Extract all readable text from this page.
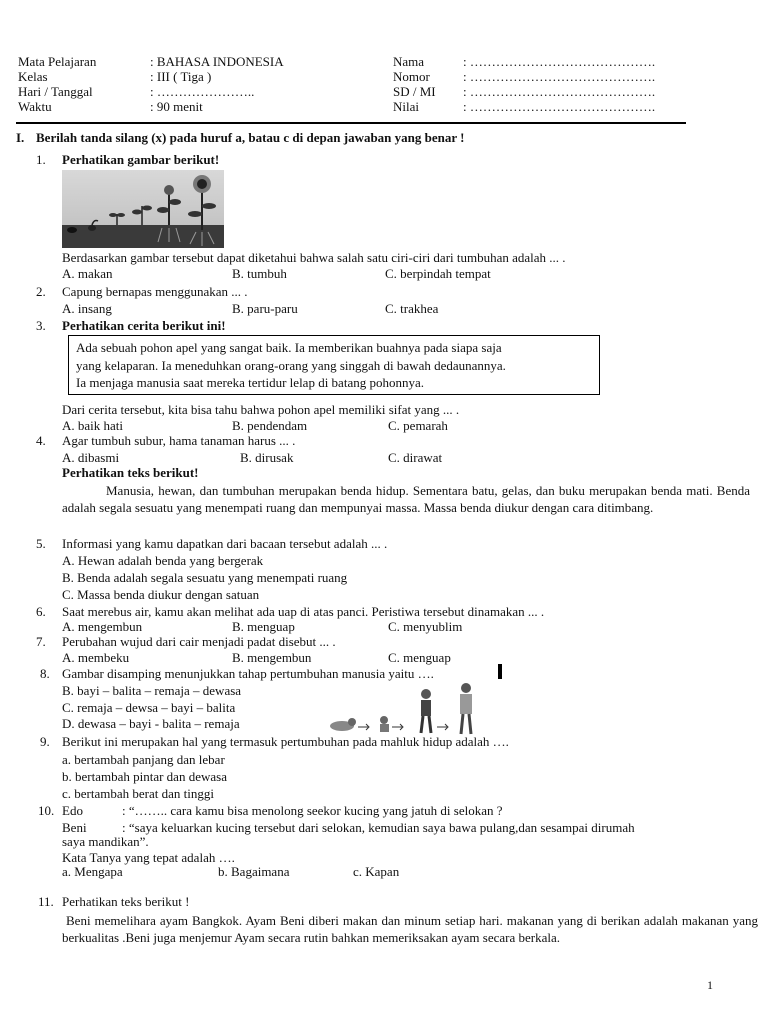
Mata Pelajaran	: BAHASA INDONESIA
Kelas	: III ( Tiga )
Hari / Tanggal	: …………………..
Waktu	: 90 menit
Nama	: …………………………………….
Nomor	: …………………………………….
SD / MI : …………………………………….
Nilai	: …………………………………….
I. Berilah tanda silang (x) pada huruf a, batau c di depan jawaban yang benar !
1. Perhatikan gambar berikut!
Berdasarkan gambar tersebut dapat diketahui bahwa salah satu ciri-ciri dari tumbuhan adalah ... .
A. makan	B. tumbuh	C. berpindah tempat
2. Capung bernapas menggunakan ... .
A. insang	B. paru-paru	C. trakhea
3. Perhatikan cerita berikut ini!
Ada sebuah pohon apel yang sangat baik. Ia memberikan buahnya pada siapa saja
yang kelaparan. Ia meneduhkan orang-orang yang singgah di bawah dedaunannya.
Ia menjaga manusia saat mereka tertidur lelap di batang pohonnya.
Dari cerita tersebut, kita bisa tahu bahwa pohon apel memiliki sifat yang ... .
A. baik hati	B. pendendam	C. pemarah
4. Agar tumbuh subur, hama tanaman harus ... .
A. dibasmi	B. dirusak	C. dirawat
Perhatikan teks berikut!
Manusia, hewan, dan tumbuhan merupakan benda hidup. Sementara batu, gelas, dan buku merupakan benda mati. Benda adalah segala sesuatu yang menempati ruang dan mempunyai massa. Massa benda diukur dengan cara ditimbang.
5. Informasi yang kamu dapatkan dari bacaan tersebut adalah ... .
A. Hewan adalah benda yang bergerak
B. Benda adalah segala sesuatu yang menempati ruang
C. Massa benda diukur dengan satuan
6. Saat merebus air, kamu akan melihat ada uap di atas panci. Peristiwa tersebut dinamakan ... .
A. mengembun	B. menguap	C. menyublim
7. Perubahan wujud dari cair menjadi padat disebut ... .
A. membeku	B. mengembun	C. menguap
8. Gambar disamping menunjukkan tahap pertumbuhan manusia yaitu ….
B. bayi – balita – remaja – dewasa
C. remaja – dewsa – bayi – balita
D. dewasa – bayi - balita – remaja
9. Berikut ini merupakan hal yang termasuk pertumbuhan pada mahluk hidup adalah ….
a. bertambah panjang dan lebar
b. bertambah pintar dan dewasa
c. bertambah berat dan tinggi
10. Edo	: “…….. cara kamu bisa menolong seekor kucing yang jatuh di selokan ?
Beni	: “saya keluarkan kucing tersebut dari selokan, kemudian saya bawa pulang,dan sesampai dirumah
saya mandikan”.
Kata Tanya yang tepat adalah ….
a. Mengapa	b. Bagaimana	c. Kapan
11. Perhatikan teks berikut !
Beni memelihara ayam Bangkok. Ayam Beni diberi makan dan minum setiap hari. makanan yang di berikan adalah makanan yang berkualitas .Beni juga menjemur Ayam secara rutin bahkan memeriksakan ayam secara berkala.
1
